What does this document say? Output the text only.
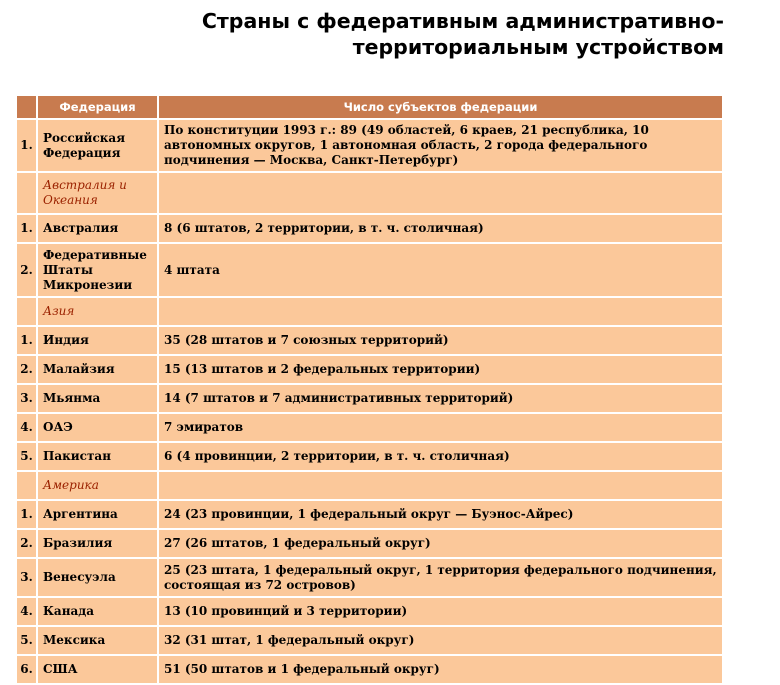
Страны с федеративным административно-
территориальным устройством
	Федерация	Число субъектов федерации
1.	Российская Федерация	По конституции 1993 г.: 89 (49 областей, 6 краев, 21 республика, 10 автономных округов, 1 автономная область, 2 города федерального подчинения — Москва, Санкт-Петербург)
	Австралия и Океания	
1.	Австралия	8 (6 штатов, 2 территории, в т. ч. столичная)
2.	Федеративные Штаты Микронезии	4 штата
	Азия	
1.	Индия	35 (28 штатов и 7 союзных территорий)
2.	Малайзия	15 (13 штатов и 2 федеральных территории)
3.	Мьянма	14 (7 штатов и 7 административных территорий)
4.	ОАЭ	7 эмиратов
5.	Пакистан	6 (4 провинции, 2 территории, в т. ч. столичная)
	Америка	
1.	Аргентина	24 (23 провинции, 1 федеральный округ — Буэнос-Айрес)
2.	Бразилия	27 (26 штатов, 1 федеральный округ)
3.	Венесуэла	25 (23 штата, 1 федеральный округ, 1 территория федерального подчинения, состоящая из 72 островов)
4.	Канада	13 (10 провинций и 3 территории)
5.	Мексика	32 (31 штат, 1 федеральный округ)
6.	США	51 (50 штатов и 1 федеральный округ)
